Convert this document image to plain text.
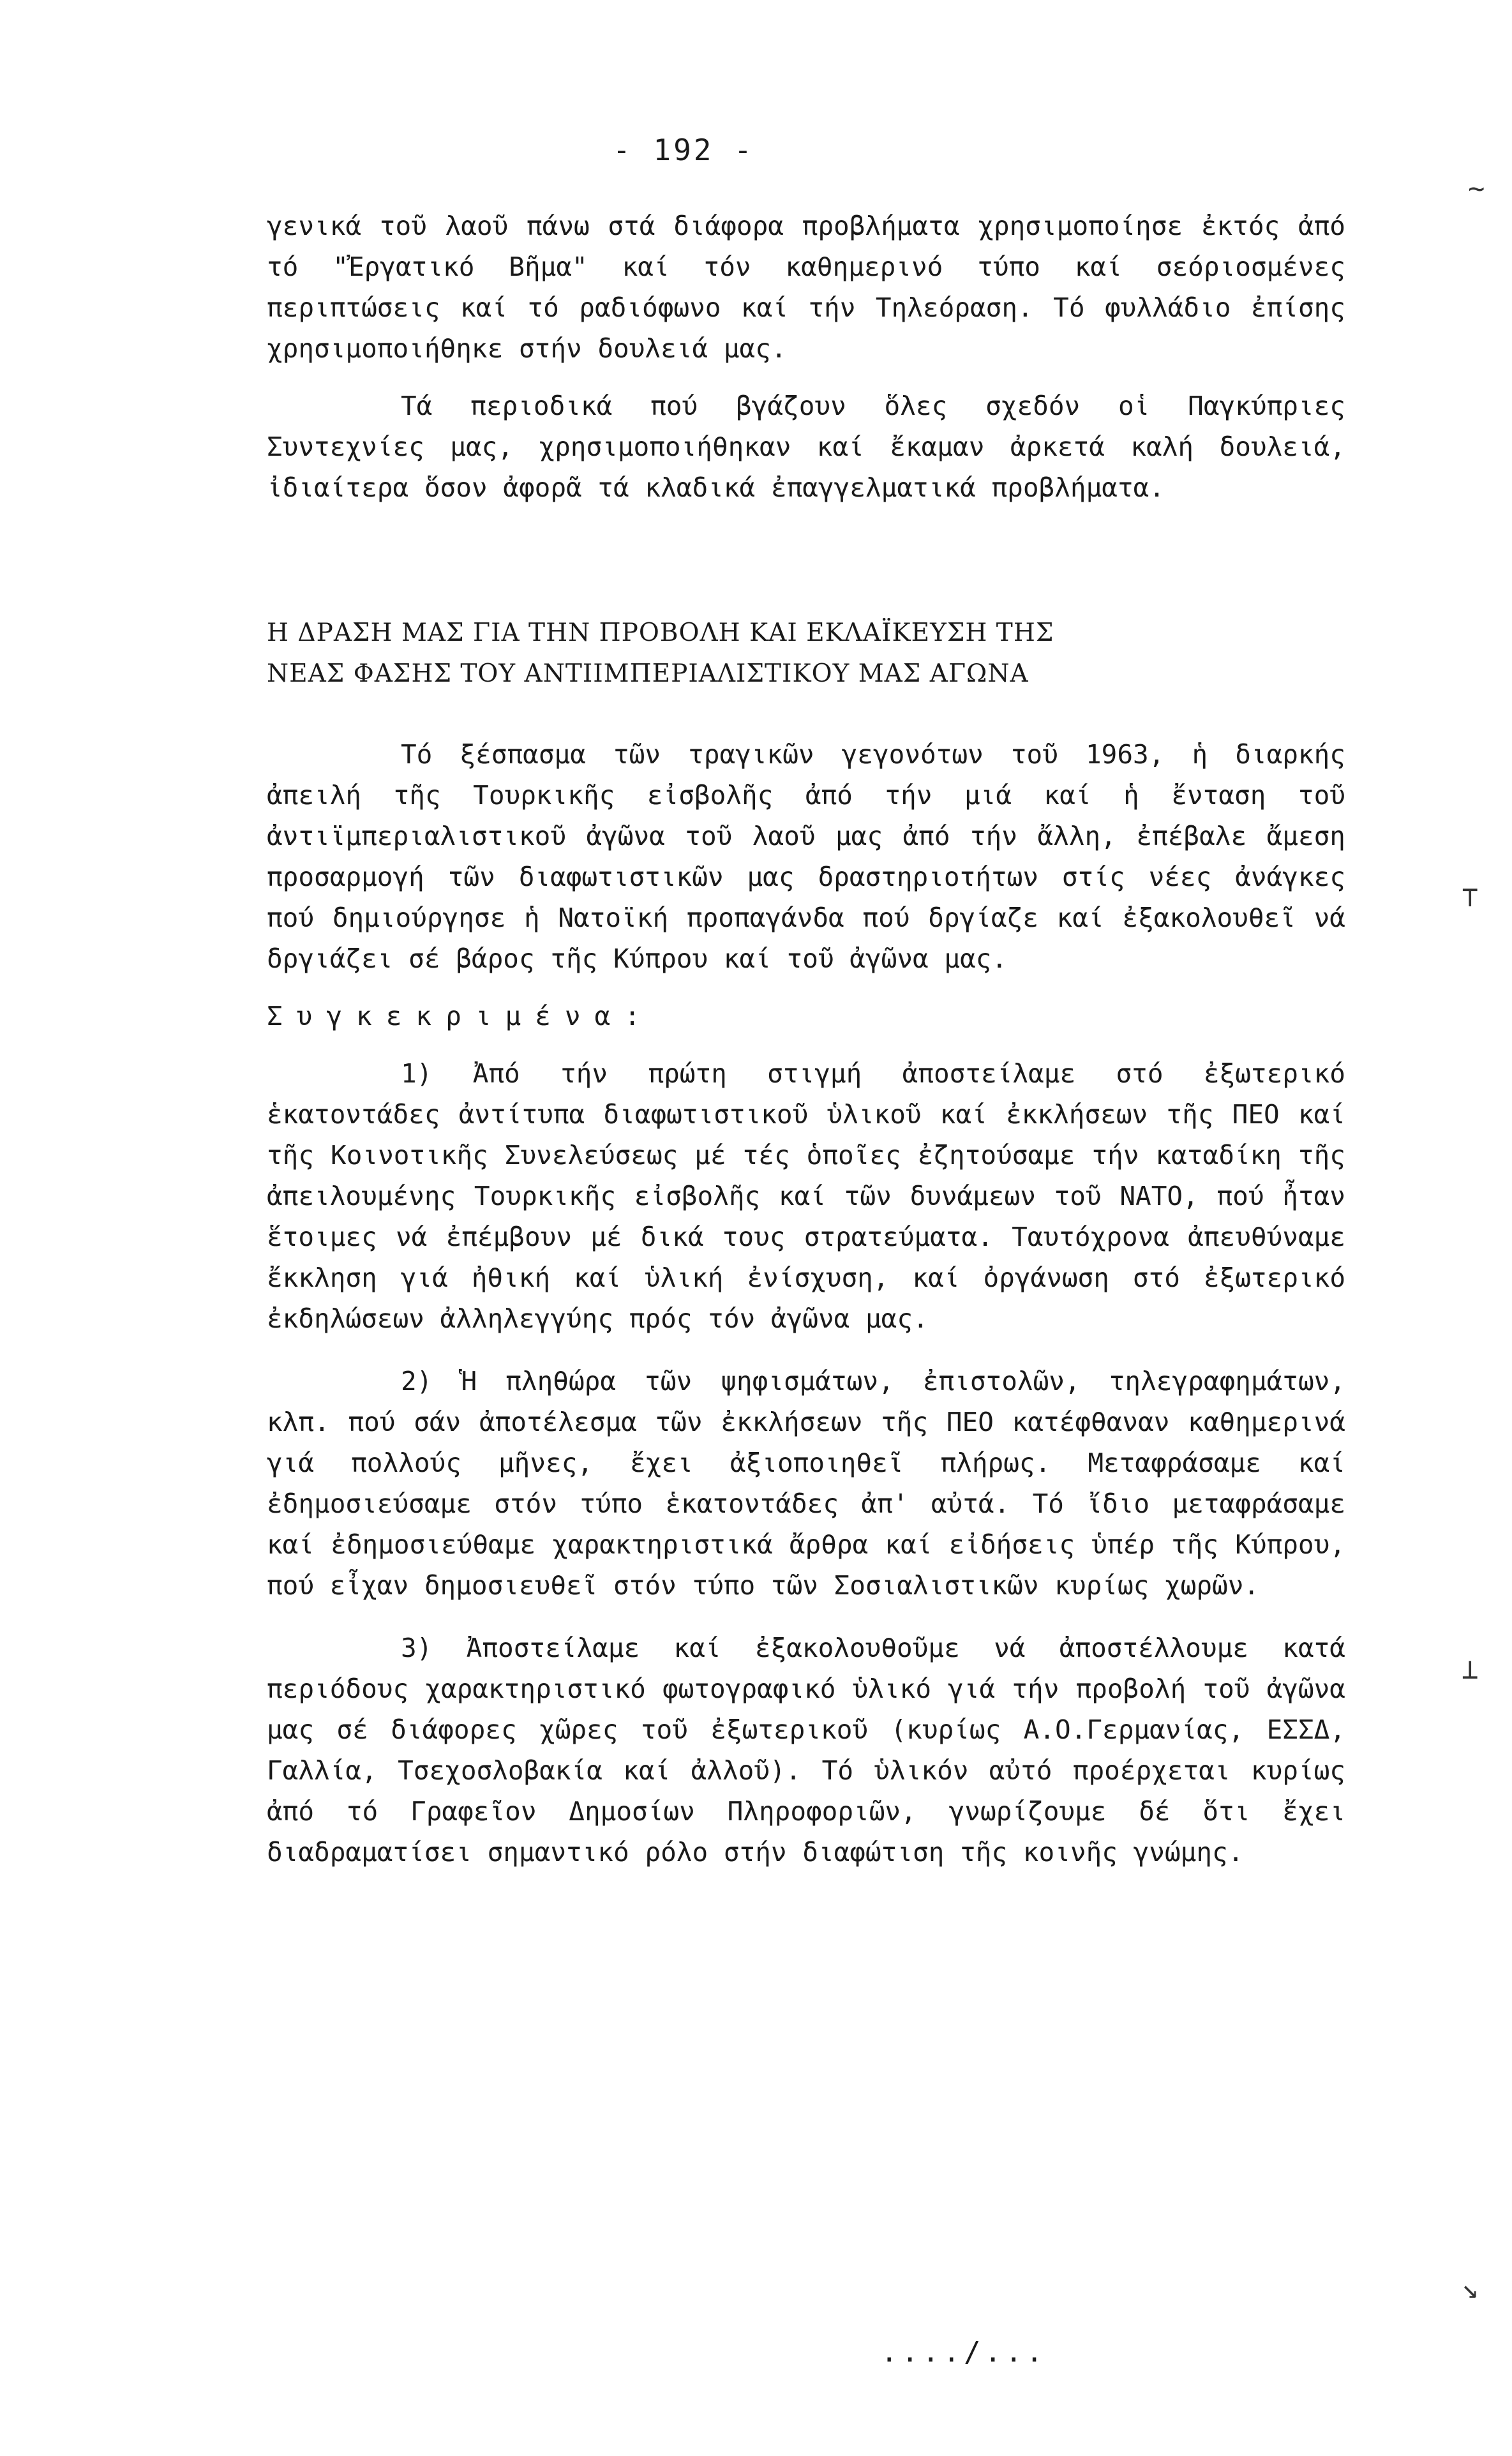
- 192 -

γενικά τοῦ λαοῦ πάνω στά διάφορα προβλήματα χρησιμοποίησε ἐκτός ἀπό τό "Ἐργατικό Βῆμα" καί τόν καθημερινό τύπο καί σεόριοσμένες περιπτώσεις καί τό ραδιόφωνο καί τήν Τηλεόραση. Τό φυλλάδιο ἐπίσης χρησιμοποιήθηκε στήν δουλειά μας.

Τά περιοδικά πού βγάζουν ὅλες σχεδόν οἱ Παγκύπριες Συντεχνίες μας, χρησιμοποιήθηκαν καί ἔκαμαν ἀρκετά καλή δουλειά, ἰδιαίτερα ὅσον ἀφορᾶ τά κλαδικά ἐπαγγελματικά προβλήματα.

Η ΔΡΑΣΗ ΜΑΣ ΓΙΑ ΤΗΝ ΠΡΟΒΟΛΗ ΚΑΙ ΕΚΛΑΪΚΕΥΣΗ ΤΗΣ
ΝΕΑΣ ΦΑΣΗΣ ΤΟΥ ΑΝΤΙΙΜΠΕΡΙΑΛΙΣΤΙΚΟΥ ΜΑΣ ΑΓΩΝΑ

Τό ξέσπασμα τῶν τραγικῶν γεγονότων τοῦ 1963, ἡ διαρκής ἀπειλή τῆς Τουρκικῆς εἰσβολῆς ἀπό τήν μιά καί ἡ ἔνταση τοῦ ἀντιϊμπεριαλιστικοῦ ἀγῶνα τοῦ λαοῦ μας ἀπό τήν ἄλλη, ἐπέβαλε ἄμεση προσαρμογή τῶν διαφωτιστικῶν μας δραστηριοτήτων στίς νέες ἀνάγκες πού δημιούργησε ἡ Νατοϊκή προπαγάνδα πού δργίαζε καί ἐξακολουθεῖ νά δργιάζει σέ βάρος τῆς Κύπρου καί τοῦ ἀγῶνα μας.

Συγκεκριμένα:

1) Ἀπό τήν πρώτη στιγμή ἀποστείλαμε στό ἐξωτερικό ἑκατοντάδες ἀντίτυπα διαφωτιστικοῦ ὑλικοῦ καί ἐκκλήσεων τῆς ΠΕΟ καί τῆς Κοινοτικῆς Συνελεύσεως μέ τές ὁποῖες ἐζητούσαμε τήν καταδίκη τῆς ἀπειλουμένης Τουρκικῆς εἰσβολῆς καί τῶν δυνάμεων τοῦ ΝΑΤΟ, πού ἦταν ἕτοιμες νά ἐπέμβουν μέ δικά τους στρατεύματα. Ταυτόχρονα ἀπευθύναμε ἔκκληση γιά ἠθική καί ὑλική ἐνίσχυση, καί ὀργάνωση στό ἐξωτερικό ἐκδηλώσεων ἀλληλεγγύης πρός τόν ἀγῶνα μας.

2) Ἡ πληθώρα τῶν ψηφισμάτων, ἐπιστολῶν, τηλεγραφημάτων, κλπ. πού σάν ἀποτέλεσμα τῶν ἐκκλήσεων τῆς ΠΕΟ κατέφθαναν καθημερινά γιά πολλούς μῆνες, ἔχει ἀξιοποιηθεῖ πλήρως. Μεταφράσαμε καί ἐδημοσιεύσαμε στόν τύπο ἑκατοντάδες ἀπ' αὐτά. Τό ἴδιο μεταφράσαμε καί ἐδημοσιεύθαμε χαρακτηριστικά ἄρθρα καί εἰδήσεις ὑπέρ τῆς Κύπρου, πού εἶχαν δημοσιευθεῖ στόν τύπο τῶν Σοσιαλιστικῶν κυρίως χωρῶν.

3) Ἀποστείλαμε καί ἐξακολουθοῦμε νά ἀποστέλλουμε κατά περιόδους χαρακτηριστικό φωτογραφικό ὑλικό γιά τήν προβολή τοῦ ἀγῶνα μας σέ διάφορες χῶρες τοῦ ἐξωτερικοῦ (κυρίως Α.Ο.Γερμανίας, ΕΣΣΔ, Γαλλία, Τσεχοσλοβακία καί ἀλλοῦ). Τό ὑλικόν αὐτό προέρχεται κυρίως ἀπό τό Γραφεῖον Δημοσίων Πληροφοριῶν, γνωρίζουμε δέ ὅτι ἔχει διαδραματίσει σημαντικό ρόλο στήν διαφώτιση τῆς κοινῆς γνώμης.

..../...
~
⊤
⊥
↘
